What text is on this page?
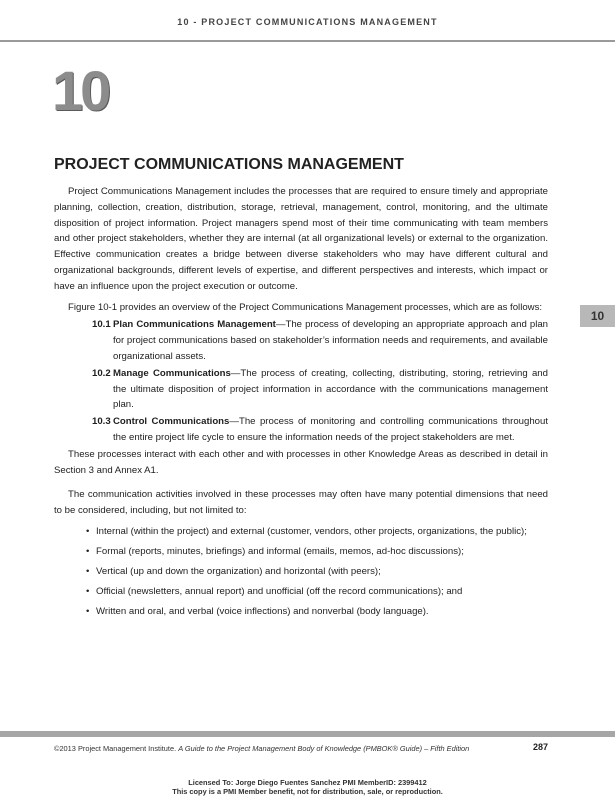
10 - PROJECT COMMUNICATIONS MANAGEMENT
10
PROJECT COMMUNICATIONS MANAGEMENT

Project Communications Management includes the processes that are required to ensure timely and appropriate planning, collection, creation, distribution, storage, retrieval, management, control, monitoring, and the ultimate disposition of project information. Project managers spend most of their time communicating with team members and other project stakeholders, whether they are internal (at all organizational levels) or external to the organization. Effective communication creates a bridge between diverse stakeholders who may have different cultural and organizational backgrounds, different levels of expertise, and different perspectives and interests, which impact or have an influence upon the project execution or outcome.

Figure 10-1 provides an overview of the Project Communications Management processes, which are as follows:

10.1 Plan Communications Management—The process of developing an appropriate approach and plan for project communications based on stakeholder’s information needs and requirements, and available organizational assets.
10.2 Manage Communications—The process of creating, collecting, distributing, storing, retrieving and the ultimate disposition of project information in accordance with the communications management plan.
10.3 Control Communications—The process of monitoring and controlling communications throughout the entire project life cycle to ensure the information needs of the project stakeholders are met.

These processes interact with each other and with processes in other Knowledge Areas as described in detail in Section 3 and Annex A1.

The communication activities involved in these processes may often have many potential dimensions that need to be considered, including, but not limited to:

• Internal (within the project) and external (customer, vendors, other projects, organizations, the public);
• Formal (reports, minutes, briefings) and informal (emails, memos, ad-hoc discussions);
• Vertical (up and down the organization) and horizontal (with peers);
• Official (newsletters, annual report) and unofficial (off the record communications); and
• Written and oral, and verbal (voice inflections) and nonverbal (body language).
10
©2013 Project Management Institute. A Guide to the Project Management Body of Knowledge (PMBOK® Guide) – Fifth Edition	287
Licensed To: Jorge Diego Fuentes Sanchez PMI MemberID: 2399412
This copy is a PMI Member benefit, not for distribution, sale, or reproduction.
